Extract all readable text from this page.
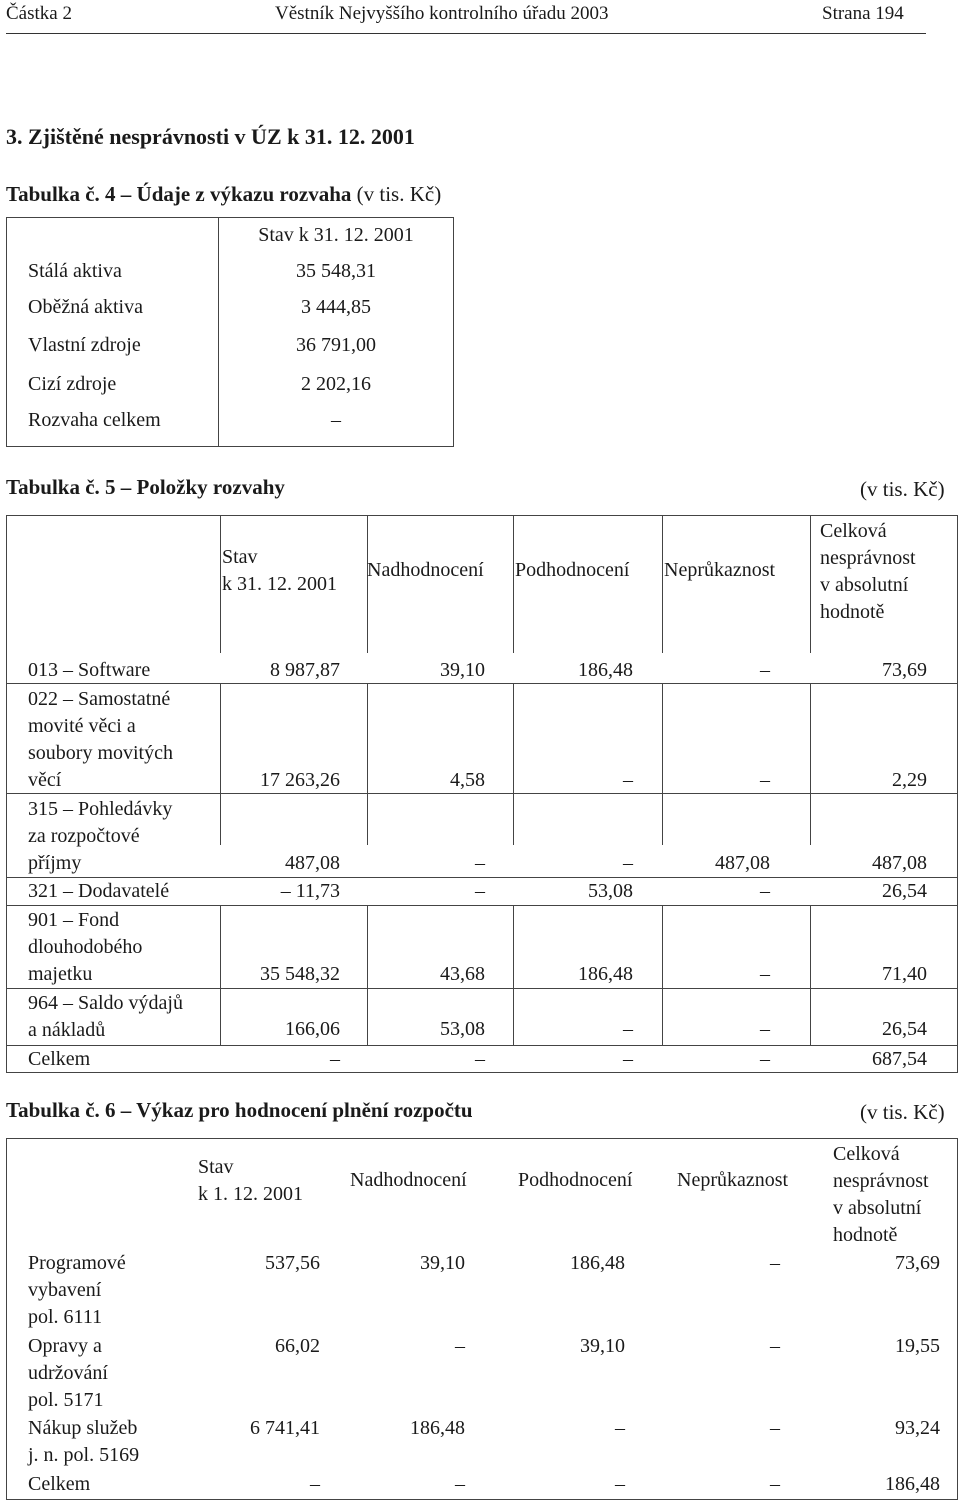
Částka 2	Věstník Nejvyššího kontrolního úřadu 2003	Strana 194
3. Zjištěné nesprávnosti v ÚZ k 31. 12. 2001
Tabulka č. 4 – Údaje z výkazu rozvaha (v tis. Kč)
Stav k 31. 12. 2001
Stálá aktiva	35 548,31
Oběžná aktiva	3 444,85
Vlastní zdroje	36 791,00
Cizí zdroje	2 202,16
Rozvaha celkem	–
Tabulka č. 5 – Položky rozvahy	(v tis. Kč)
Stav
k 31. 12. 2001
Nadhodnocení Podhodnocení Neprůkaznost
Celková
nesprávnost
v absolutní
hodnotě
013 – Software	8 987,87	39,10	186,48	–	73,69
022 – Samostatné
movité věci a
soubory movitých
věcí	17 263,26	4,58	–	–	2,29
315 – Pohledávky
za rozpočtové
příjmy	487,08	–	–	487,08	487,08
321 – Dodavatelé	– 11,73	–	53,08	–	26,54
901 – Fond
dlouhodobého
majetku	35 548,32	43,68	186,48	–	71,40
964 – Saldo výdajů
a nákladů	166,06	53,08	–	–	26,54
Celkem	–	–	–	–	687,54
Tabulka č. 6 – Výkaz pro hodnocení plnění rozpočtu	(v tis. Kč)
Stav
k 1. 12. 2001
Nadhodnocení	Podhodnocení Neprůkaznost
Celková
nesprávnost
v absolutní
hodnotě
Programové
vybavení
pol. 6111
537,56	39,10	186,48	–	73,69
Opravy a
udržování
pol. 5171
66,02	–	39,10	–	19,55
Nákup služeb
j. n. pol. 5169
6 741,41	186,48	–	–	93,24
Celkem	–	–	–	–	186,48
